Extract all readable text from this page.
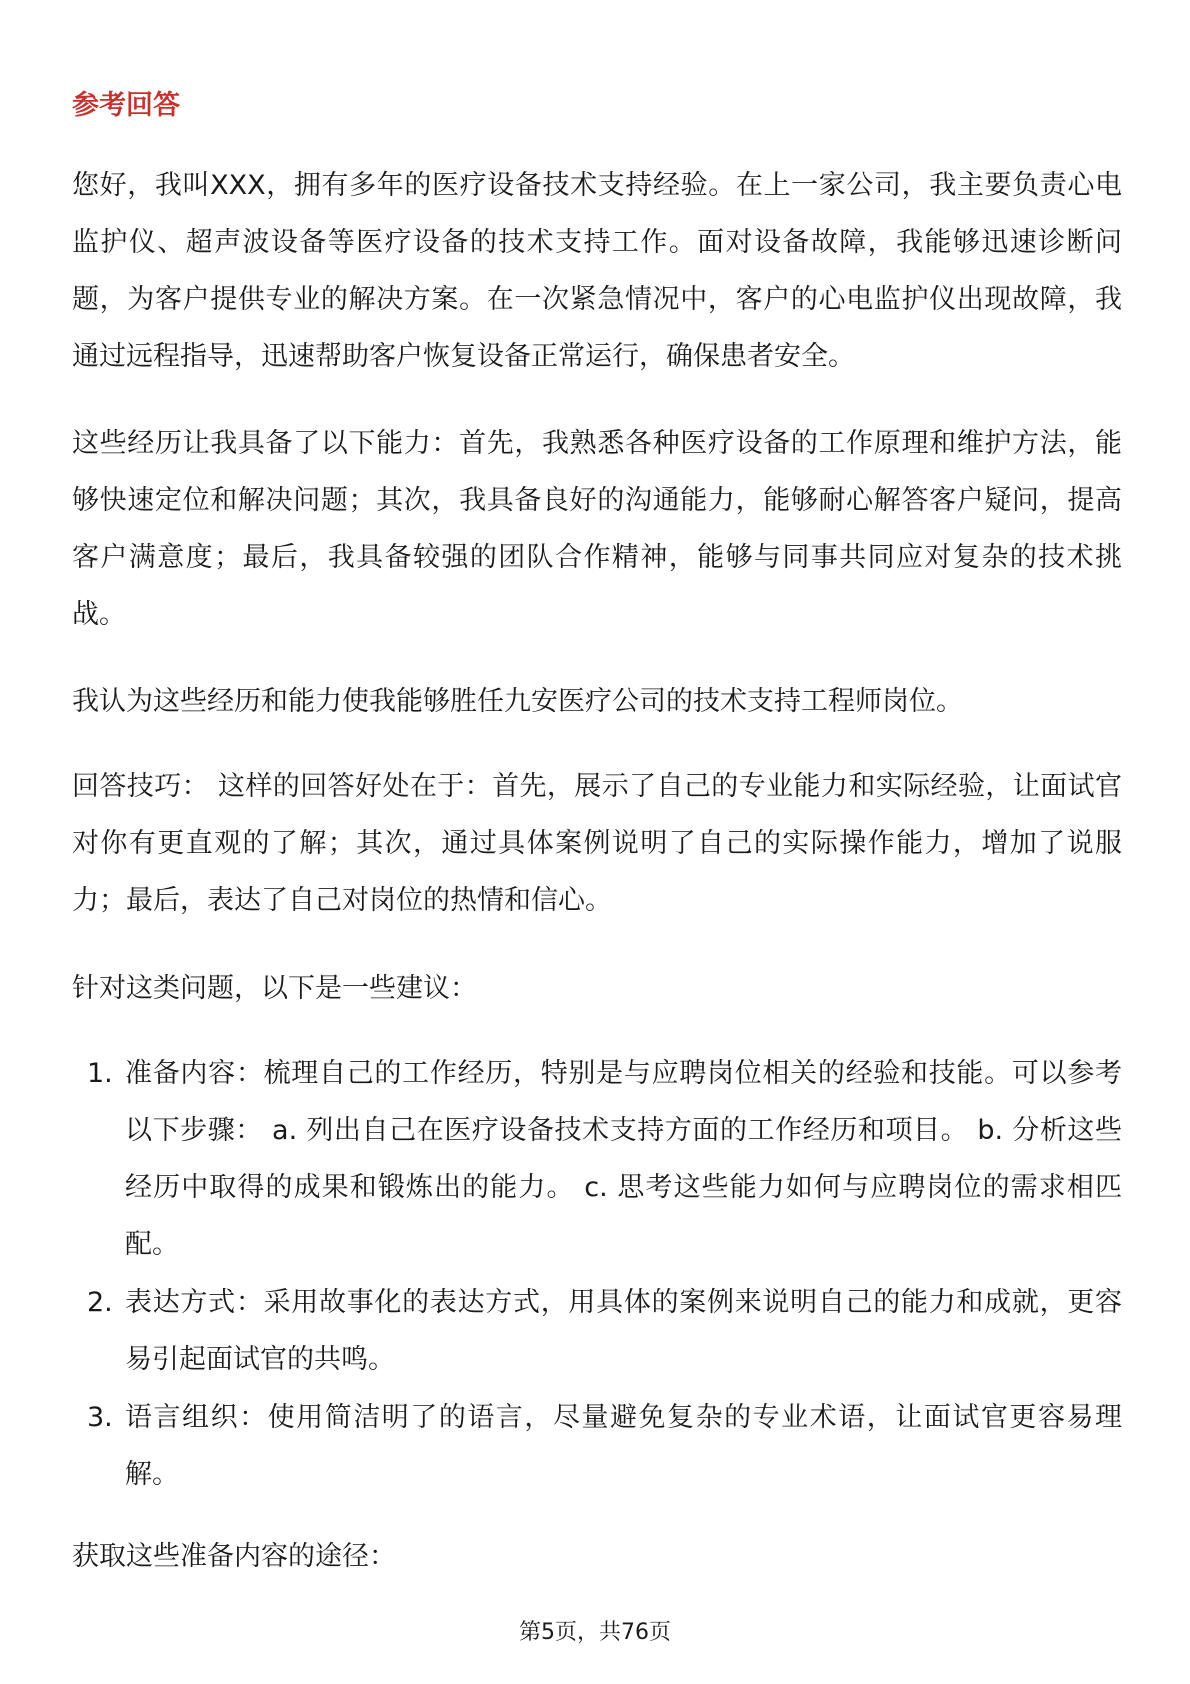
参考回答

您好，我叫XXX，拥有多年的医疗设备技术支持经验。在上一家公司，我主要负责心电监护仪、超声波设备等医疗设备的技术支持工作。面对设备故障，我能够迅速诊断问题，为客户提供专业的解决方案。在一次紧急情况中，客户的心电监护仪出现故障，我通过远程指导，迅速帮助客户恢复设备正常运行，确保患者安全。

这些经历让我具备了以下能力：首先，我熟悉各种医疗设备的工作原理和维护方法，能够快速定位和解决问题；其次，我具备良好的沟通能力，能够耐心解答客户疑问，提高客户满意度；最后，我具备较强的团队合作精神，能够与同事共同应对复杂的技术挑战。

我认为这些经历和能力使我能够胜任九安医疗公司的技术支持工程师岗位。

回答技巧： 这样的回答好处在于：首先，展示了自己的专业能力和实际经验，让面试官对你有更直观的了解；其次，通过具体案例说明了自己的实际操作能力，增加了说服力；最后，表达了自己对岗位的热情和信心。

针对这类问题，以下是一些建议：

1. 准备内容：梳理自己的工作经历，特别是与应聘岗位相关的经验和技能。可以参考以下步骤： a. 列出自己在医疗设备技术支持方面的工作经历和项目。 b. 分析这些经历中取得的成果和锻炼出的能力。 c. 思考这些能力如何与应聘岗位的需求相匹配。
2. 表达方式：采用故事化的表达方式，用具体的案例来说明自己的能力和成就，更容易引起面试官的共鸣。
3. 语言组织：使用简洁明了的语言，尽量避免复杂的专业术语，让面试官更容易理解。

获取这些准备内容的途径：

第5页，共76页
